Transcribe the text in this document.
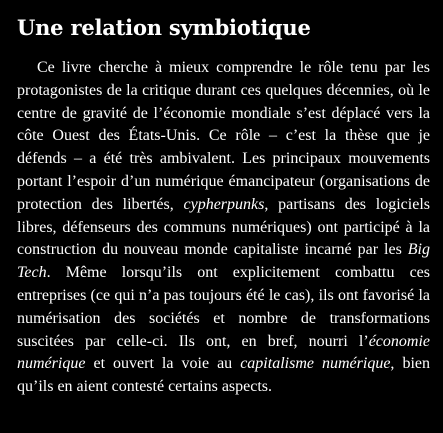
Une relation symbiotique

Ce livre cherche à mieux comprendre le rôle tenu par les protagonistes de la critique durant ces quelques décennies, où le centre de gravité de l’économie mondiale s’est déplacé vers la côte Ouest des États-Unis. Ce rôle – c’est la thèse que je défends – a été très ambivalent. Les principaux mouvements portant l’espoir d’un numérique émancipateur (organisations de protection des libertés, cypherpunks, partisans des logiciels libres, défenseurs des communs numériques) ont participé à la construction du nouveau monde capitaliste incarné par les Big Tech. Même lorsqu’ils ont explicitement combattu ces entreprises (ce qui n’a pas toujours été le cas), ils ont favorisé la numérisation des sociétés et nombre de transformations suscitées par celle-ci. Ils ont, en bref, nourri l’économie numérique et ouvert la voie au capitalisme numérique, bien qu’ils en aient contesté certains aspects.
